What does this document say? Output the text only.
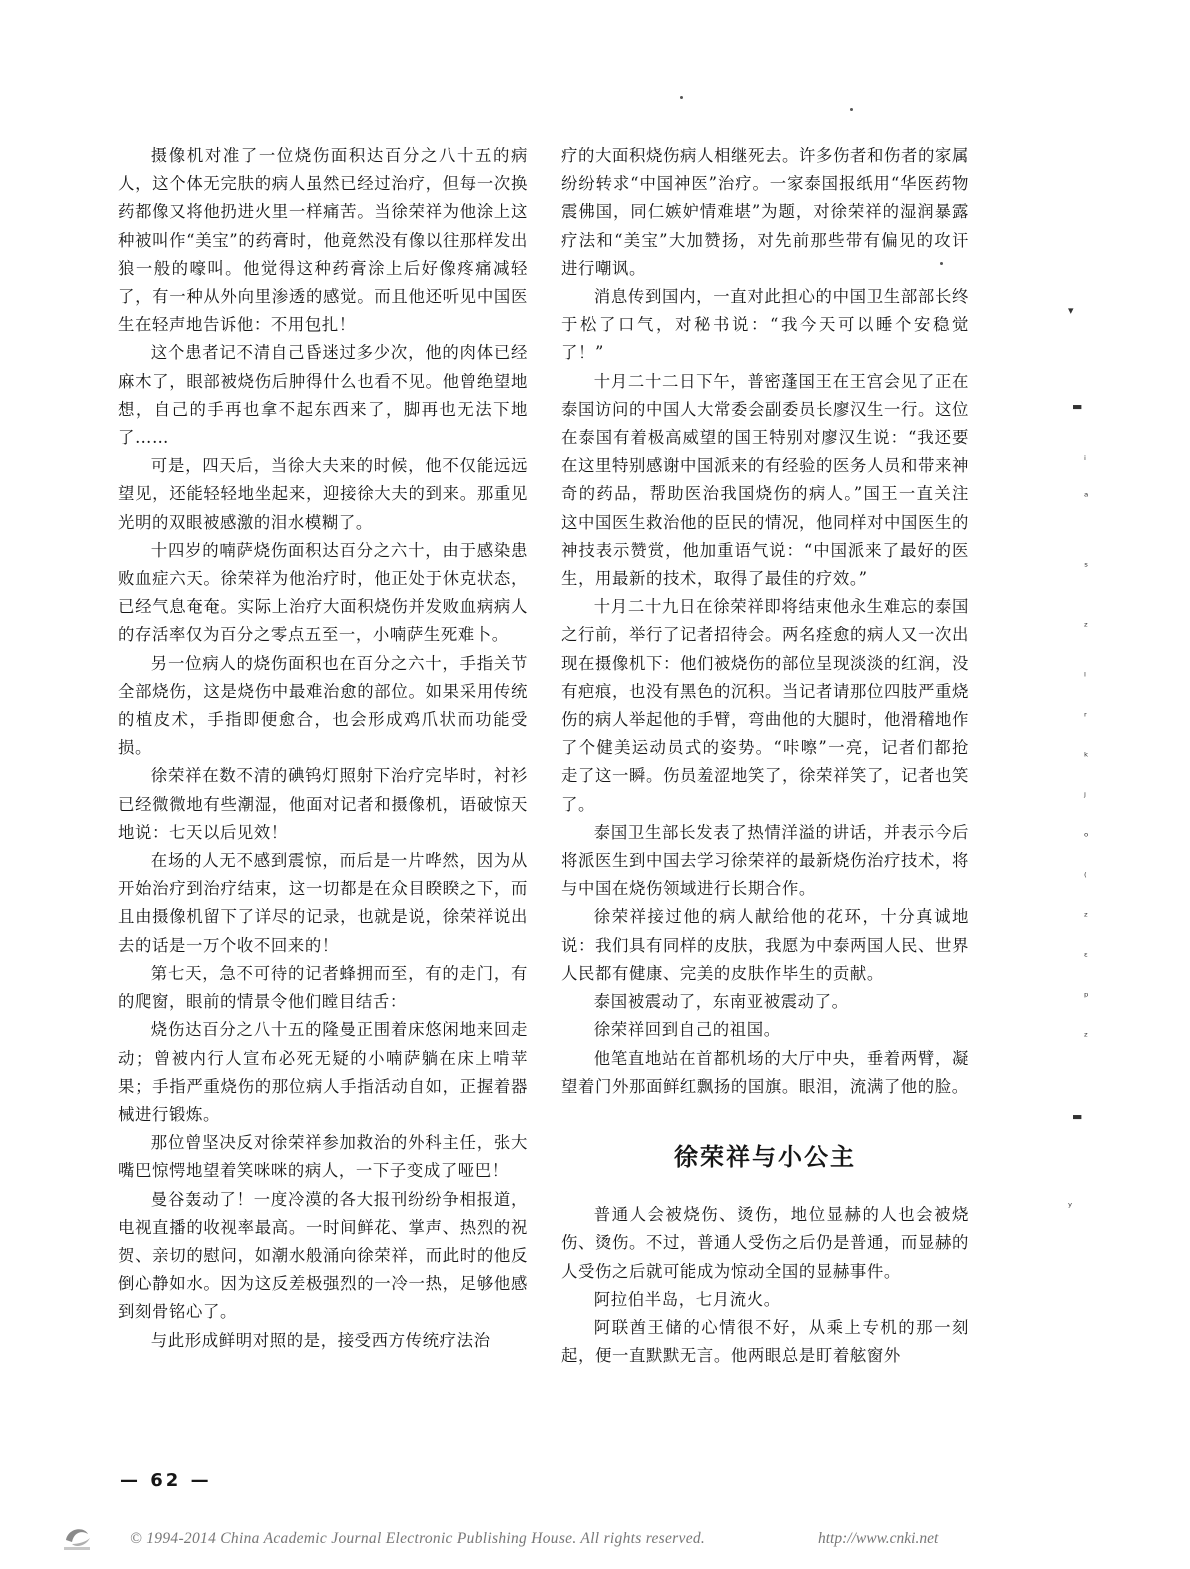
摄像机对准了一位烧伤面积达百分之八十五的病人，这个体无完肤的病人虽然已经过治疗，但每一次换药都像又将他扔进火里一样痛苦。当徐荣祥为他涂上这种被叫作“美宝”的药膏时，他竟然没有像以往那样发出狼一般的嚎叫。他觉得这种药膏涂上后好像疼痛减轻了，有一种从外向里渗透的感觉。而且他还听见中国医生在轻声地告诉他：不用包扎！

这个患者记不清自己昏迷过多少次，他的肉体已经麻木了，眼部被烧伤后肿得什么也看不见。他曾绝望地想，自己的手再也拿不起东西来了，脚再也无法下地了……

可是，四天后，当徐大夫来的时候，他不仅能远远望见，还能轻轻地坐起来，迎接徐大夫的到来。那重见光明的双眼被感激的泪水模糊了。

十四岁的喃萨烧伤面积达百分之六十，由于感染患败血症六天。徐荣祥为他治疗时，他正处于休克状态，已经气息奄奄。实际上治疗大面积烧伤并发败血病病人的存活率仅为百分之零点五至一，小喃萨生死难卜。

另一位病人的烧伤面积也在百分之六十，手指关节全部烧伤，这是烧伤中最难治愈的部位。如果采用传统的植皮术，手指即便愈合，也会形成鸡爪状而功能受损。

徐荣祥在数不清的碘钨灯照射下治疗完毕时，衬衫已经微微地有些潮湿，他面对记者和摄像机，语破惊天地说：七天以后见效！

在场的人无不感到震惊，而后是一片哗然，因为从开始治疗到治疗结束，这一切都是在众目睽睽之下，而且由摄像机留下了详尽的记录，也就是说，徐荣祥说出去的话是一万个收不回来的！

第七天，急不可待的记者蜂拥而至，有的走门，有的爬窗，眼前的情景令他们瞠目结舌：

烧伤达百分之八十五的隆曼正围着床悠闲地来回走动；曾被内行人宣布必死无疑的小喃萨躺在床上啃苹果；手指严重烧伤的那位病人手指活动自如，正握着器械进行锻炼。

那位曾坚决反对徐荣祥参加救治的外科主任，张大嘴巴惊愕地望着笑咪咪的病人，一下子变成了哑巴！

曼谷轰动了！一度冷漠的各大报刊纷纷争相报道，电视直播的收视率最高。一时间鲜花、掌声、热烈的祝贺、亲切的慰问，如潮水般涌向徐荣祥，而此时的他反倒心静如水。因为这反差极强烈的一冷一热，足够他感到刻骨铭心了。

与此形成鲜明对照的是，接受西方传统疗法治

疗的大面积烧伤病人相继死去。许多伤者和伤者的家属纷纷转求“中国神医”治疗。一家泰国报纸用“华医药物震佛国，同仁嫉妒情难堪”为题，对徐荣祥的湿润暴露疗法和“美宝”大加赞扬，对先前那些带有偏见的攻讦进行嘲讽。

消息传到国内，一直对此担心的中国卫生部部长终于松了口气，对秘书说：“我今天可以睡个安稳觉了！”

十月二十二日下午，普密蓬国王在王宫会见了正在泰国访问的中国人大常委会副委员长廖汉生一行。这位在泰国有着极高威望的国王特别对廖汉生说：“我还要在这里特别感谢中国派来的有经验的医务人员和带来神奇的药品，帮助医治我国烧伤的病人。”国王一直关注这中国医生救治他的臣民的情况，他同样对中国医生的神技表示赞赏，他加重语气说：“中国派来了最好的医生，用最新的技术，取得了最佳的疗效。”

十月二十九日在徐荣祥即将结束他永生难忘的泰国之行前，举行了记者招待会。两名痊愈的病人又一次出现在摄像机下：他们被烧伤的部位呈现淡淡的红润，没有疤痕，也没有黑色的沉积。当记者请那位四肢严重烧伤的病人举起他的手臂，弯曲他的大腿时，他滑稽地作了个健美运动员式的姿势。“咔嚓”一亮，记者们都抢走了这一瞬。伤员羞涩地笑了，徐荣祥笑了，记者也笑了。

泰国卫生部长发表了热情洋溢的讲话，并表示今后将派医生到中国去学习徐荣祥的最新烧伤治疗技术，将与中国在烧伤领域进行长期合作。

徐荣祥接过他的病人献给他的花环，十分真诚地说：我们具有同样的皮肤，我愿为中泰两国人民、世界人民都有健康、完美的皮肤作毕生的贡献。

泰国被震动了，东南亚被震动了。

徐荣祥回到自己的祖国。

他笔直地站在首都机场的大厅中央，垂着两臂，凝望着门外那面鲜红飘扬的国旗。眼泪，流满了他的脸。

徐荣祥与小公主

普通人会被烧伤、烫伤，地位显赫的人也会被烧伤、烫伤。不过，普通人受伤之后仍是普通，而显赫的人受伤之后就可能成为惊动全国的显赫事件。

阿拉伯半岛，七月流火。

阿联酋王储的心情很不好，从乘上专机的那一刻起，便一直默默无言。他两眼总是盯着舷窗外

— 62 —
▾
▬
ᵢ
ᵃ
ˢ
ᶻ
ˡ
ʳ
ᵏ
ʲ
ᵒ
⁽
ᶻ
ᵋ
ᵖ
ᶻ
▬
ʸ
© 1994-2014 China Academic Journal Electronic Publishing House. All rights reserved.	http://www.cnki.net
